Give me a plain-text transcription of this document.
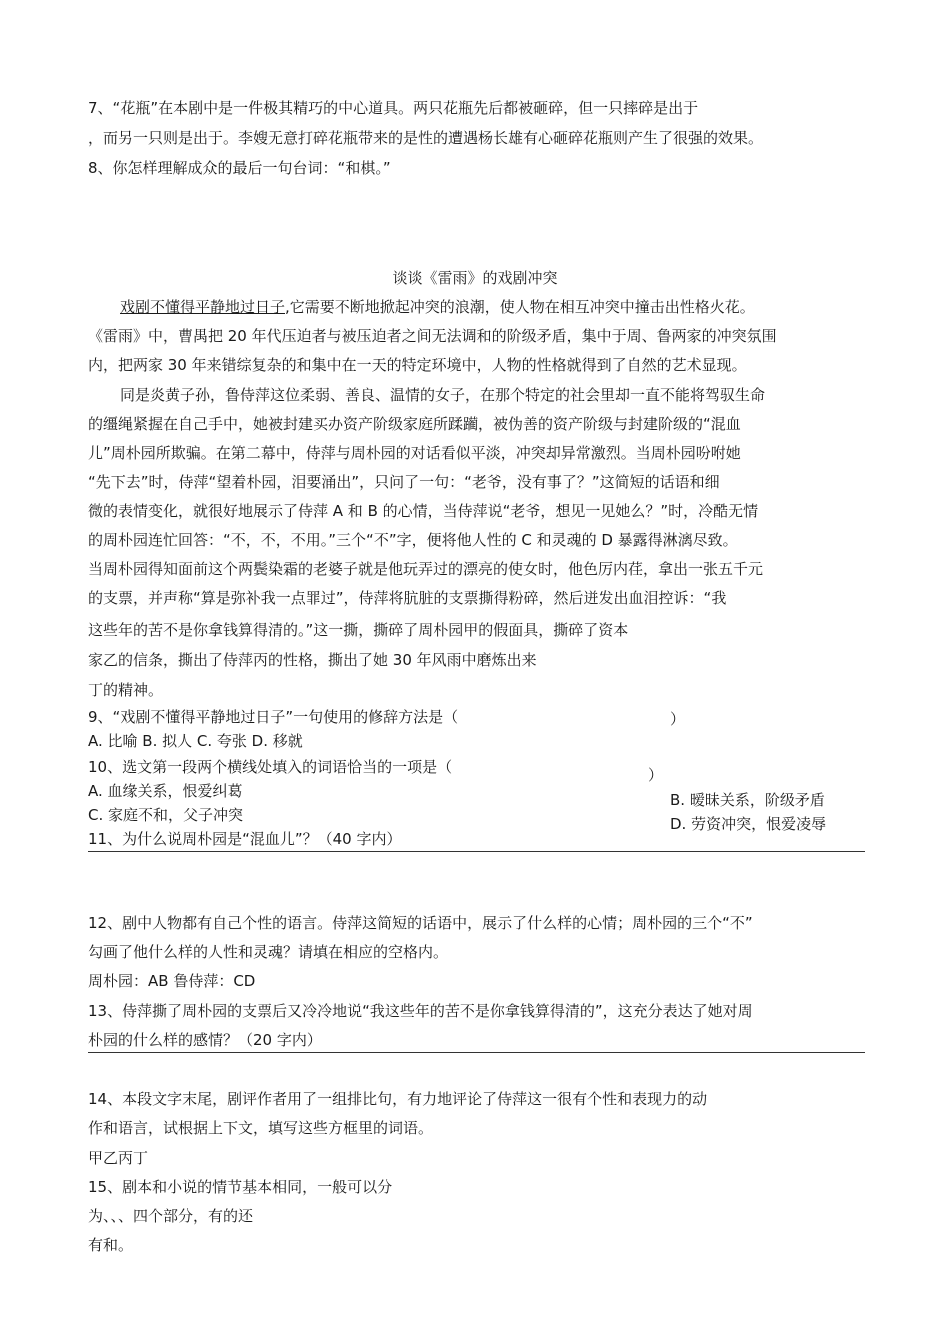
7、“花瓶”在本剧中是一件极其精巧的中心道具。两只花瓶先后都被砸碎，但一只摔碎是出于
，而另一只则是出于。李嫂无意打碎花瓶带来的是性的遭遇杨长雄有心砸碎花瓶则产生了很强的效果。
8、你怎样理解成众的最后一句台词：“和棋。”
谈谈《雷雨》的戏剧冲突
戏剧不懂得平静地过日子,它需要不断地掀起冲突的浪潮，使人物在相互冲突中撞击出性格火花。
《雷雨》中，曹禺把 20 年代压迫者与被压迫者之间无法调和的阶级矛盾，集中于周、鲁两家的冲突氛围
内，把两家 30 年来错综复杂的和集中在一天的特定环境中，人物的性格就得到了自然的艺术显现。
同是炎黄子孙，鲁侍萍这位柔弱、善良、温情的女子，在那个特定的社会里却一直不能将驾驭生命
的缰绳紧握在自己手中，她被封建买办资产阶级家庭所蹂躏，被伪善的资产阶级与封建阶级的“混血
儿”周朴园所欺骗。在第二幕中，侍萍与周朴园的对话看似平淡，冲突却异常激烈。当周朴园吩咐她
“先下去”时，侍萍“望着朴园，泪要涌出”，只问了一句：“老爷，没有事了？”这简短的话语和细
微的表情变化，就很好地展示了侍萍 A 和 B 的心情，当侍萍说“老爷，想见一见她么？”时，冷酷无情
的周朴园连忙回答：“不，不，不用。”三个“不”字，便将他人性的 C 和灵魂的 D 暴露得淋漓尽致。
当周朴园得知面前这个两鬓染霜的老婆子就是他玩弄过的漂亮的使女时，他色厉内荏，拿出一张五千元
的支票，并声称“算是弥补我一点罪过”，侍萍将肮脏的支票撕得粉碎，然后迸发出血泪控诉：“我
这些年的苦不是你拿钱算得清的。”这一撕，撕碎了周朴园甲的假面具，撕碎了资本
家乙的信条，撕出了侍萍丙的性格，撕出了她 30 年风雨中磨炼出来
丁的精神。
9、“戏剧不懂得平静地过日子”一句使用的修辞方法是（	）
A. 比喻 B. 拟人 C. 夸张 D. 移就
10、选文第一段两个横线处填入的词语恰当的一项是（	）
A. 血缘关系，恨爱纠葛	B. 暧昧关系，阶级矛盾
C. 家庭不和，父子冲突	D. 劳资冲突，恨爱凌辱
11、为什么说周朴园是“混血儿”？（40 字内）
12、剧中人物都有自己个性的语言。侍萍这简短的话语中，展示了什么样的心情；周朴园的三个“不”
勾画了他什么样的人性和灵魂？请填在相应的空格内。
周朴园：AB 鲁侍萍：CD
13、侍萍撕了周朴园的支票后又冷冷地说“我这些年的苦不是你拿钱算得清的”，这充分表达了她对周
朴园的什么样的感情？（20 字内）
14、本段文字末尾，剧评作者用了一组排比句，有力地评论了侍萍这一很有个性和表现力的动
作和语言，试根据上下文，填写这些方框里的词语。
甲乙丙丁
15、剧本和小说的情节基本相同，一般可以分
为、、、四个部分，有的还
有和。
